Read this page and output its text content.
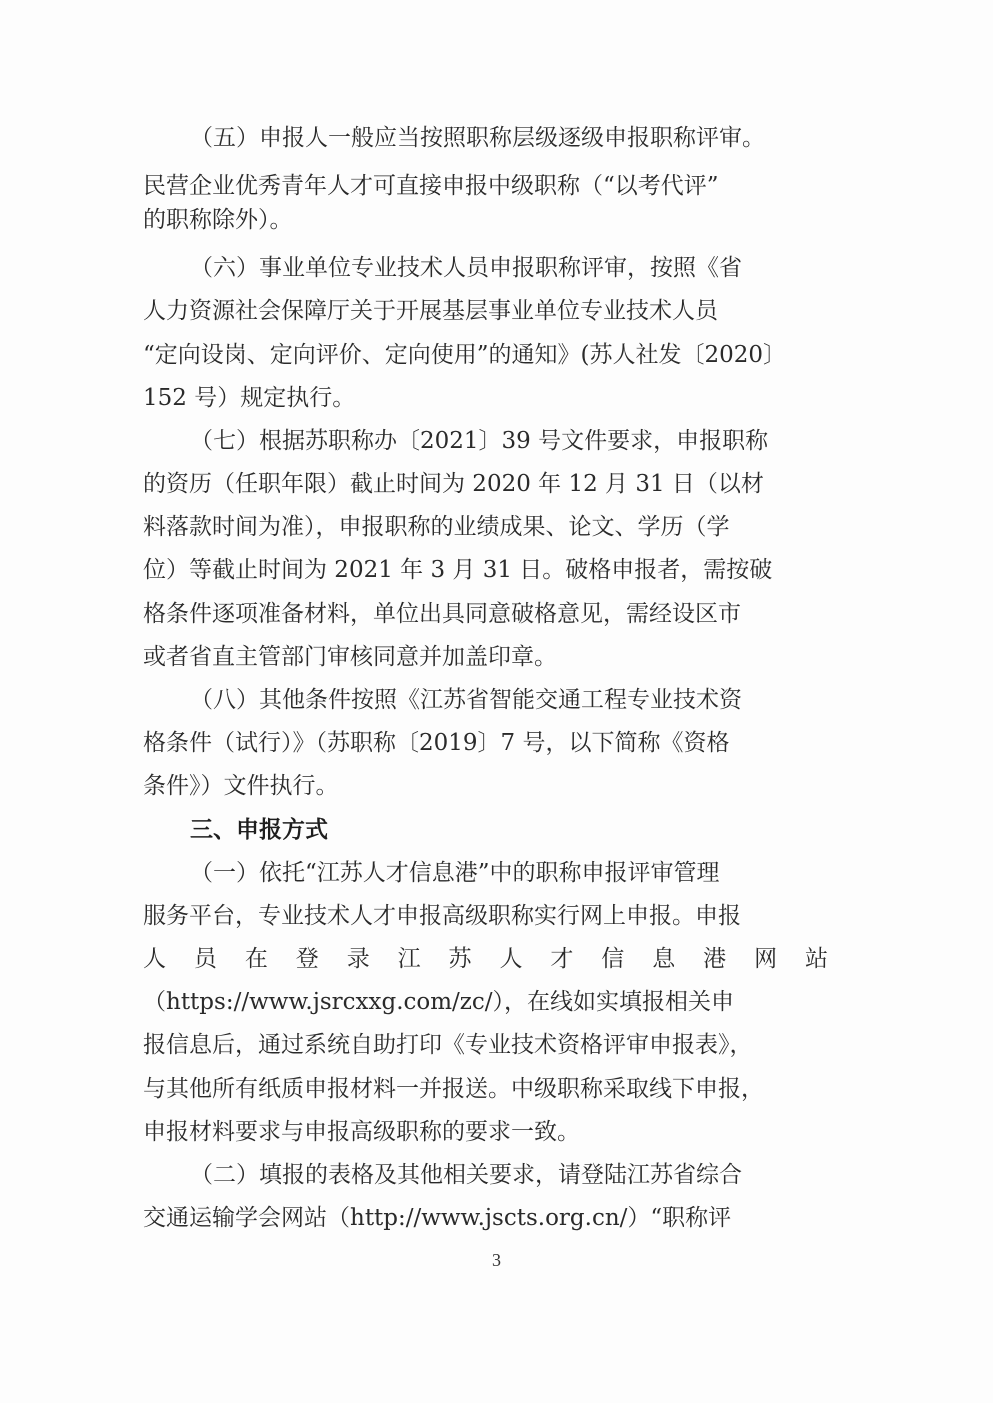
（五）申报人一般应当按照职称层级逐级申报职称评审。
民营企业优秀青年人才可直接申报中级职称（“以考代评”
的职称除外）。
（六）事业单位专业技术人员申报职称评审，按照《省
人力资源社会保障厅关于开展基层事业单位专业技术人员
“定向设岗、定向评价、定向使用”的通知》(苏人社发〔2020〕
152 号）规定执行。
（七）根据苏职称办〔2021〕39 号文件要求，申报职称
的资历（任职年限）截止时间为 2020 年 12 月 31 日（以材
料落款时间为准），申报职称的业绩成果、论文、学历（学
位）等截止时间为 2021 年 3 月 31 日。破格申报者，需按破
格条件逐项准备材料，单位出具同意破格意见，需经设区市
或者省直主管部门审核同意并加盖印章。
（八）其他条件按照《江苏省智能交通工程专业技术资
格条件（试行）》（苏职称〔2019〕7 号，以下简称《资格
条件》）文件执行。
三、申报方式
（一）依托“江苏人才信息港”中的职称申报评审管理
服务平台，专业技术人才申报高级职称实行网上申报。申报
人 员 在 登 录 江 苏 人 才 信 息 港 网 站
（https://www.jsrcxxg.com/zc/），在线如实填报相关申
报信息后，通过系统自助打印《专业技术资格评审申报表》，
与其他所有纸质申报材料一并报送。中级职称采取线下申报，
申报材料要求与申报高级职称的要求一致。
（二）填报的表格及其他相关要求，请登陆江苏省综合
交通运输学会网站（http://www.jscts.org.cn/）“职称评
3
